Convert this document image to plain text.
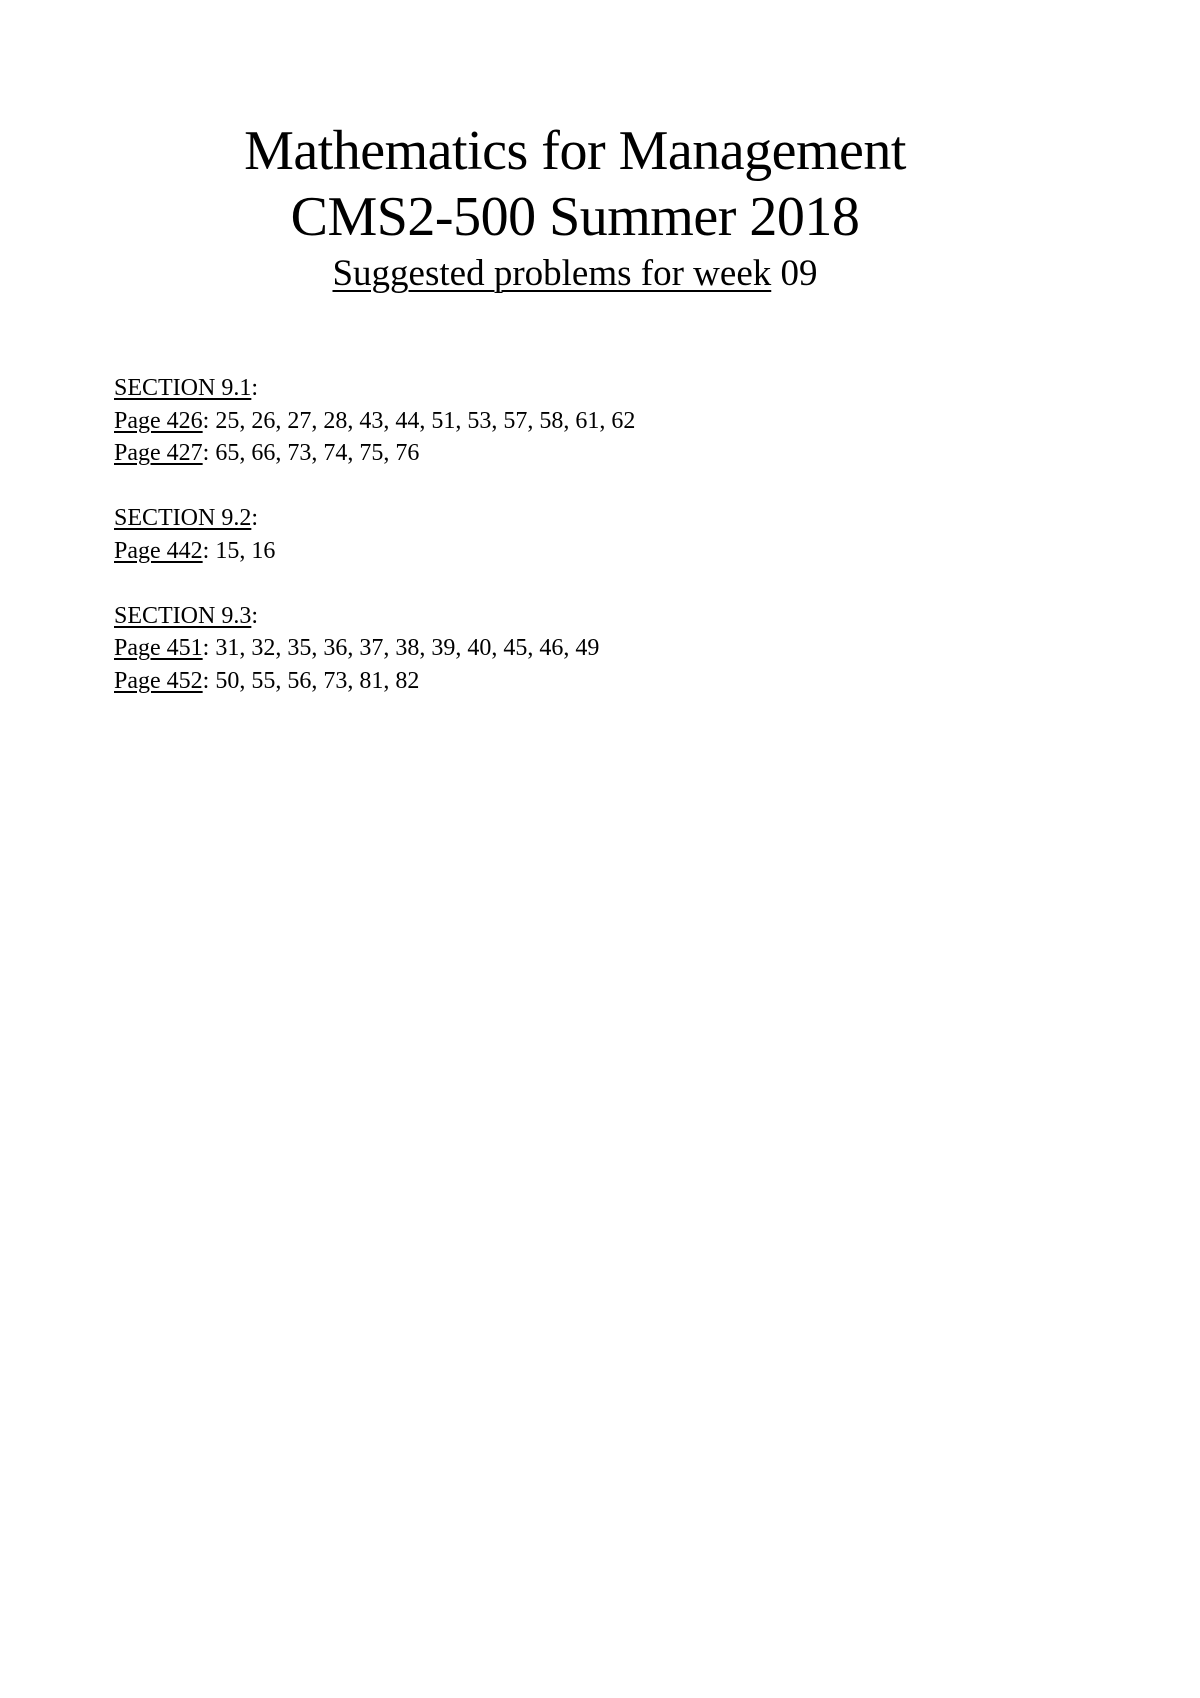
Mathematics for Management
CMS2-500 Summer 2018
Suggested problems for week 09
SECTION 9.1:
Page 426: 25, 26, 27, 28, 43, 44, 51, 53, 57, 58, 61, 62
Page 427: 65, 66, 73, 74, 75, 76
SECTION 9.2:
Page 442: 15, 16
SECTION 9.3:
Page 451: 31, 32, 35, 36, 37, 38, 39, 40, 45, 46, 49
Page 452: 50, 55, 56, 73, 81, 82
